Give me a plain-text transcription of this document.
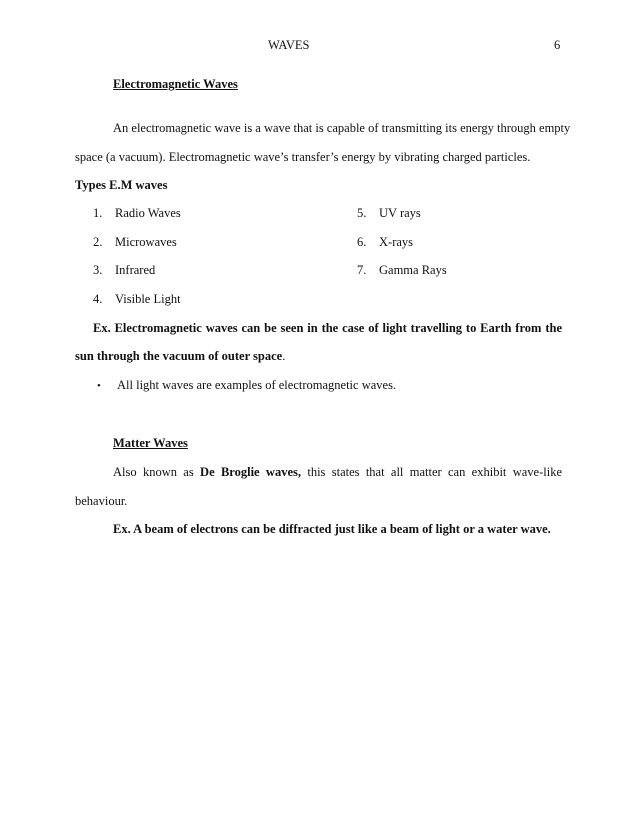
WAVES	6
Electromagnetic Waves
An electromagnetic wave is a wave that is capable of transmitting its energy through empty
space (a vacuum). Electromagnetic wave’s transfer’s energy by vibrating charged particles.
Types E.M waves
1. Radio Waves
2. Microwaves
3. Infrared
4. Visible Light
5. UV rays
6. X-rays
7. Gamma Rays
Ex. Electromagnetic waves can be seen in the case of light travelling to Earth from the
sun through the vacuum of outer space.
• All light waves are examples of electromagnetic waves.
Matter Waves
Also known as De Broglie waves, this states that all matter can exhibit wave-like
behaviour.
Ex. A beam of electrons can be diffracted just like a beam of light or a water wave.
